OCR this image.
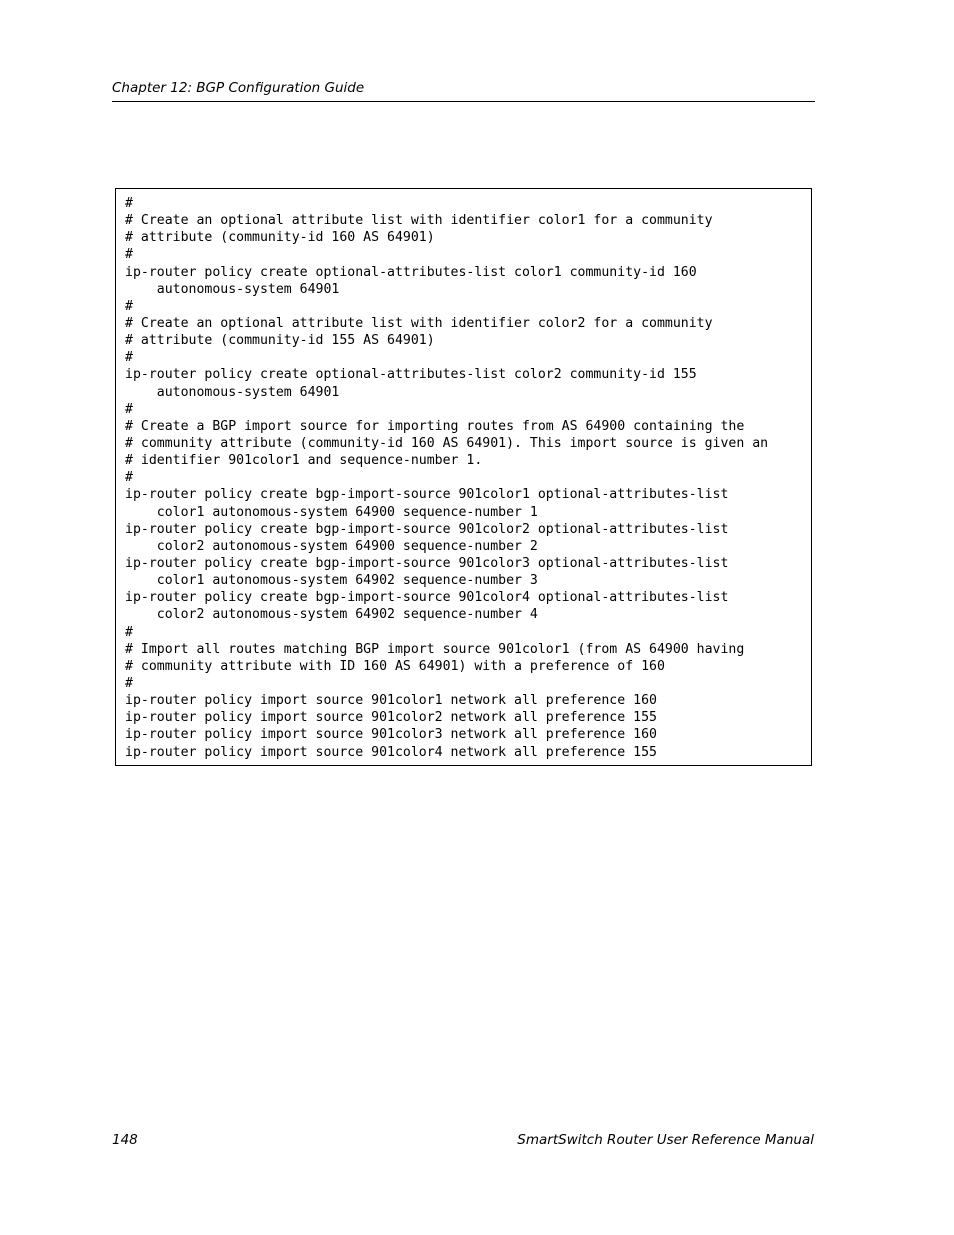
Chapter 12: BGP Configuration Guide
#
# Create an optional attribute list with identifier color1 for a community
# attribute (community-id 160 AS 64901)
#
ip-router policy create optional-attributes-list color1 community-id 160
autonomous-system 64901
#
# Create an optional attribute list with identifier color2 for a community
# attribute (community-id 155 AS 64901)
#
ip-router policy create optional-attributes-list color2 community-id 155
autonomous-system 64901
#
# Create a BGP import source for importing routes from AS 64900 containing the
# community attribute (community-id 160 AS 64901). This import source is given an
# identifier 901color1 and sequence-number 1.
#
ip-router policy create bgp-import-source 901color1 optional-attributes-list
color1 autonomous-system 64900 sequence-number 1
ip-router policy create bgp-import-source 901color2 optional-attributes-list
color2 autonomous-system 64900 sequence-number 2
ip-router policy create bgp-import-source 901color3 optional-attributes-list
color1 autonomous-system 64902 sequence-number 3
ip-router policy create bgp-import-source 901color4 optional-attributes-list
color2 autonomous-system 64902 sequence-number 4
#
# Import all routes matching BGP import source 901color1 (from AS 64900 having
# community attribute with ID 160 AS 64901) with a preference of 160
#
ip-router policy import source 901color1 network all preference 160
ip-router policy import source 901color2 network all preference 155
ip-router policy import source 901color3 network all preference 160
ip-router policy import source 901color4 network all preference 155
148	SmartSwitch Router User Reference Manual
